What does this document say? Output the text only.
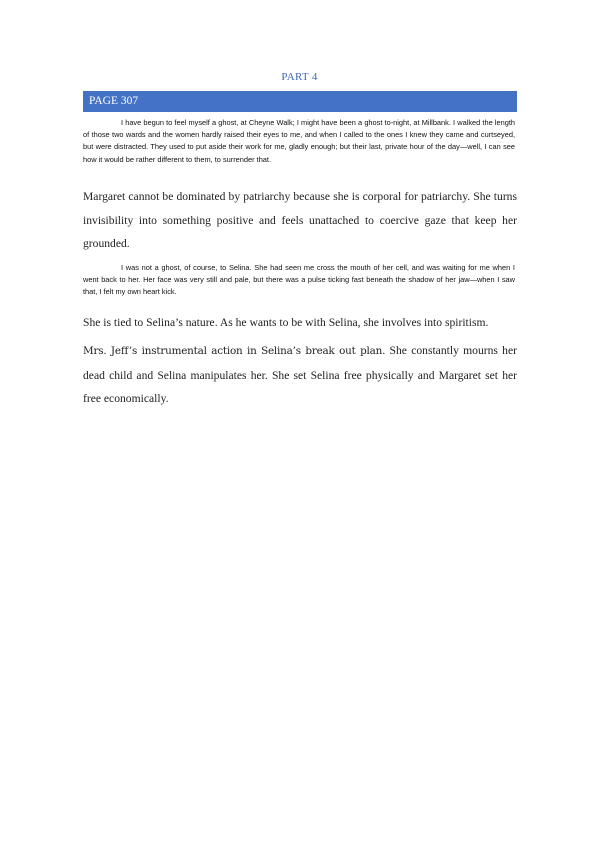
PART 4
PAGE 307

I have begun to feel myself a ghost, at Cheyne Walk; I might have been a ghost to-night, at Millbank. I walked the length of those two wards and the women hardly raised their eyes to me, and when I called to the ones I knew they came and curtseyed, but were distracted. They used to put aside their work for me, gladly enough; but their last, private hour of the day—well, I can see how it would be rather different to them, to surrender that.

Margaret cannot be dominated by patriarchy because she is corporal for patriarchy. She turns invisibility into something positive and feels unattached to coercive gaze that keep her grounded.

I was not a ghost, of course, to Selina. She had seen me cross the mouth of her cell, and was waiting for me when I went back to her. Her face was very still and pale, but there was a pulse ticking fast beneath the shadow of her jaw—when I saw that, I felt my own heart kick.

She is tied to Selina’s nature. As he wants to be with Selina, she involves into spiritism.

Mrs. Jeff’s instrumental action in Selina’s break out plan. She constantly mourns her dead child and Selina manipulates her. She set Selina free physically and Margaret set her free economically.
